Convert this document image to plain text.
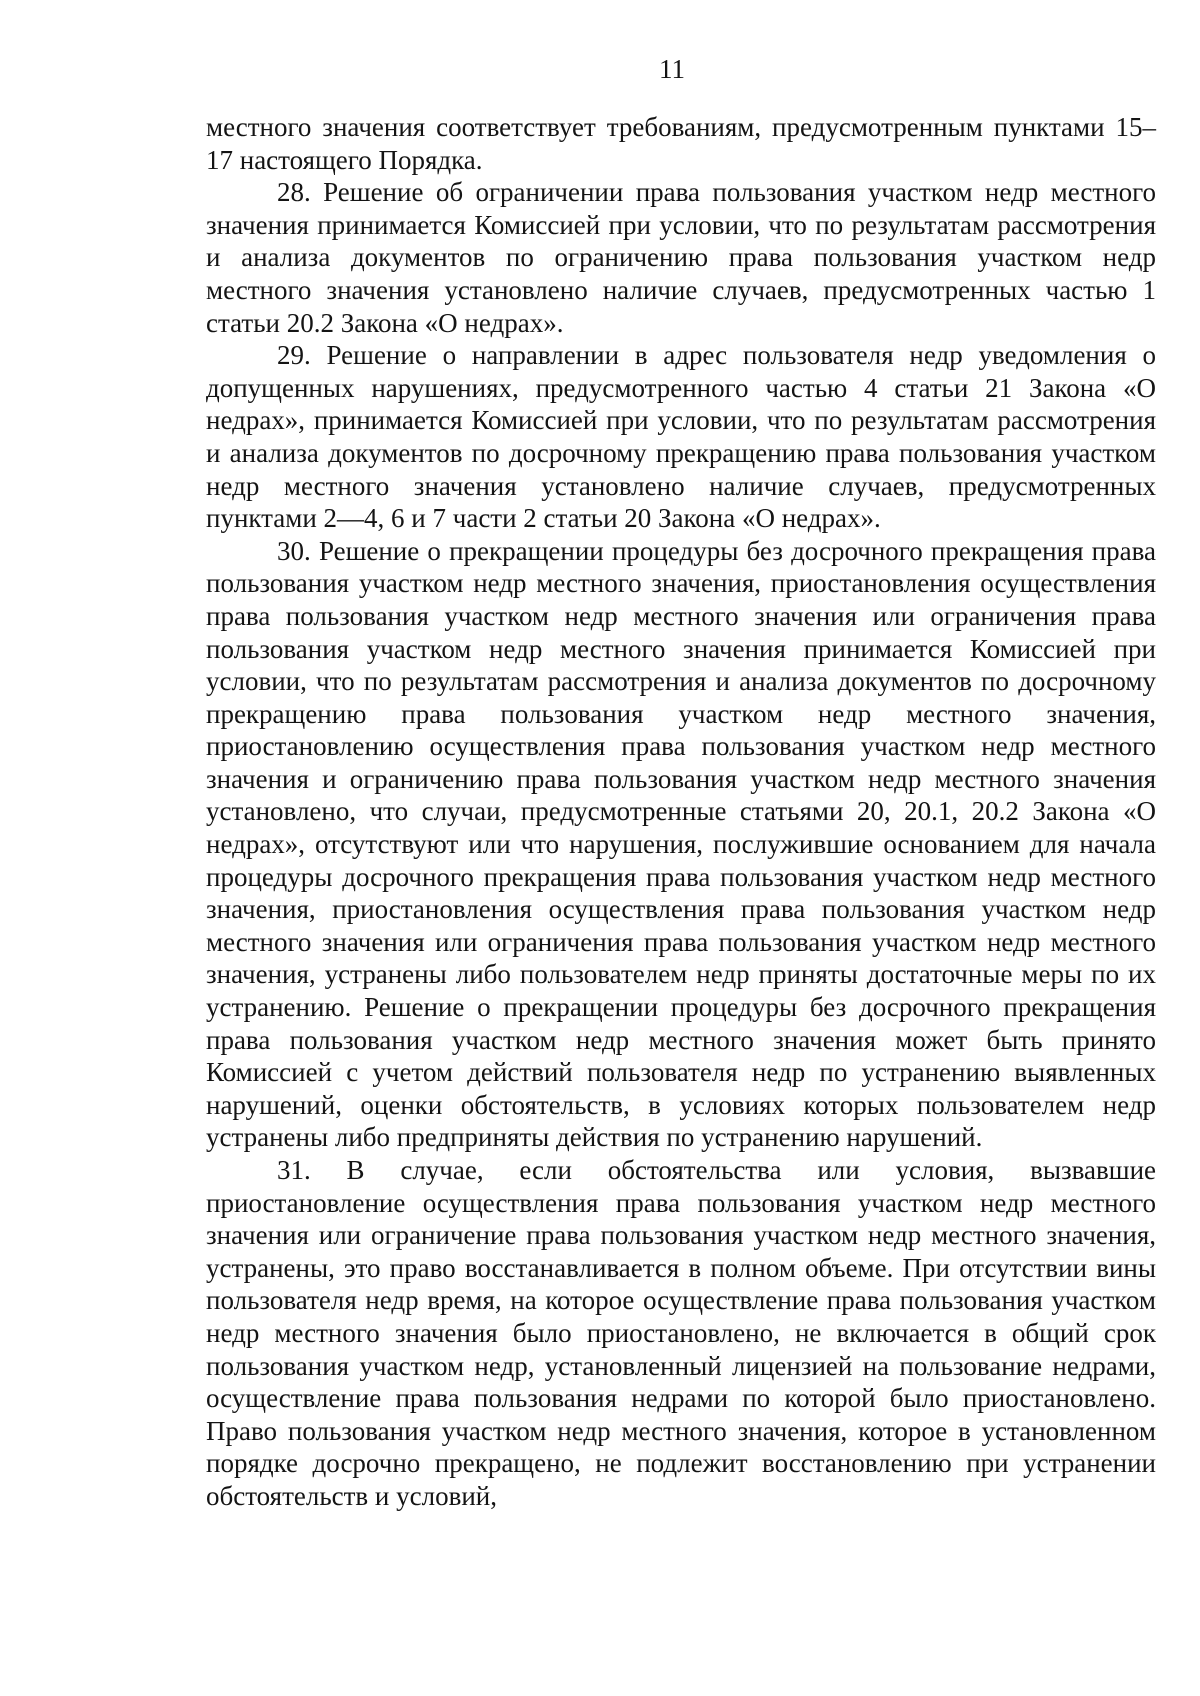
11

местного значения соответствует требованиям, предусмотренным пунктами 15–17 настоящего Порядка.

28. Решение об ограничении права пользования участком недр местного значения принимается Комиссией при условии, что по результатам рассмотрения и анализа документов по ограничению права пользования участком недр местного значения установлено наличие случаев, предусмотренных частью 1 статьи 20.2 Закона «О недрах».

29. Решение о направлении в адрес пользователя недр уведомления о допущенных нарушениях, предусмотренного частью 4 статьи 21 Закона «О недрах», принимается Комиссией при условии, что по результатам рассмотрения и анализа документов по досрочному прекращению права пользования участком недр местного значения установлено наличие случаев, предусмотренных пунктами 2—4, 6 и 7 части 2 статьи 20 Закона «О недрах».

30. Решение о прекращении процедуры без досрочного прекращения права пользования участком недр местного значения, приостановления осуществления права пользования участком недр местного значения или ограничения права пользования участком недр местного значения принимается Комиссией при условии, что по результатам рассмотрения и анализа документов по досрочному прекращению права пользования участком недр местного значения, приостановлению осуществления права пользования участком недр местного значения и ограничению права пользования участком недр местного значения установлено, что случаи, предусмотренные статьями 20, 20.1, 20.2 Закона «О недрах», отсутствуют или что нарушения, послужившие основанием для начала процедуры досрочного прекращения права пользования участком недр местного значения, приостановления осуществления права пользования участком недр местного значения или ограничения права пользования участком недр местного значения, устранены либо пользователем недр приняты достаточные меры по их устранению. Решение о прекращении процедуры без досрочного прекращения права пользования участком недр местного значения может быть принято Комиссией с учетом действий пользователя недр по устранению выявленных нарушений, оценки обстоятельств, в условиях которых пользователем недр устранены либо предприняты действия по устранению нарушений.

31. В случае, если обстоятельства или условия, вызвавшие приостановление осуществления права пользования участком недр местного значения или ограничение права пользования участком недр местного значения, устранены, это право восстанавливается в полном объеме. При отсутствии вины пользователя недр время, на которое осуществление права пользования участком недр местного значения было приостановлено, не включается в общий срок пользования участком недр, установленный лицензией на пользование недрами, осуществление права пользования недрами по которой было приостановлено. Право пользования участком недр местного значения, которое в установленном порядке досрочно прекращено, не подлежит восстановлению при устранении обстоятельств и условий,
